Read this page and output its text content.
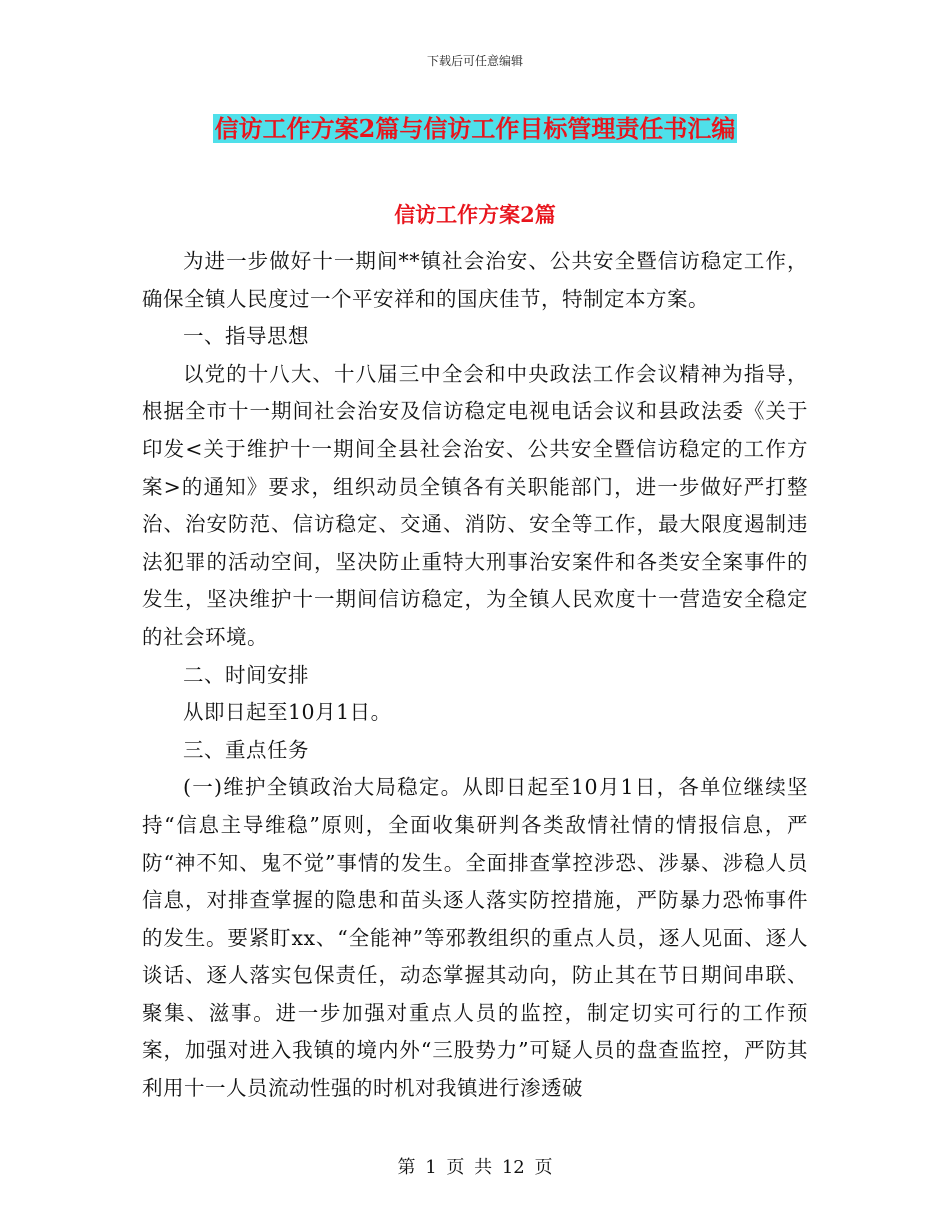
下载后可任意编辑
信访工作方案2篇与信访工作目标管理责任书汇编
信访工作方案2篇

为进一步做好十一期间**镇社会治安、公共安全暨信访稳定工作，确保全镇人民度过一个平安祥和的国庆佳节，特制定本方案。

一、指导思想

以党的十八大、十八届三中全会和中央政法工作会议精神为指导，根据全市十一期间社会治安及信访稳定电视电话会议和县政法委《关于印发<关于维护十一期间全县社会治安、公共安全暨信访稳定的工作方案>的通知》要求，组织动员全镇各有关职能部门，进一步做好严打整治、治安防范、信访稳定、交通、消防、安全等工作，最大限度遏制违法犯罪的活动空间，坚决防止重特大刑事治安案件和各类安全案事件的发生，坚决维护十一期间信访稳定，为全镇人民欢度十一营造安全稳定的社会环境。

二、时间安排

从即日起至10月1日。

三、重点任务

(一)维护全镇政治大局稳定。从即日起至10月1日，各单位继续坚持“信息主导维稳”原则，全面收集研判各类敌情社情的情报信息，严防“神不知、鬼不觉”事情的发生。全面排查掌控涉恐、涉暴、涉稳人员信息，对排查掌握的隐患和苗头逐人落实防控措施，严防暴力恐怖事件的发生。要紧盯xx、“全能神”等邪教组织的重点人员，逐人见面、逐人谈话、逐人落实包保责任，动态掌握其动向，防止其在节日期间串联、聚集、滋事。进一步加强对重点人员的监控，制定切实可行的工作预案，加强对进入我镇的境内外“三股势力”可疑人员的盘查监控，严防其利用十一人员流动性强的时机对我镇进行渗透破

第 1 页 共 12 页
